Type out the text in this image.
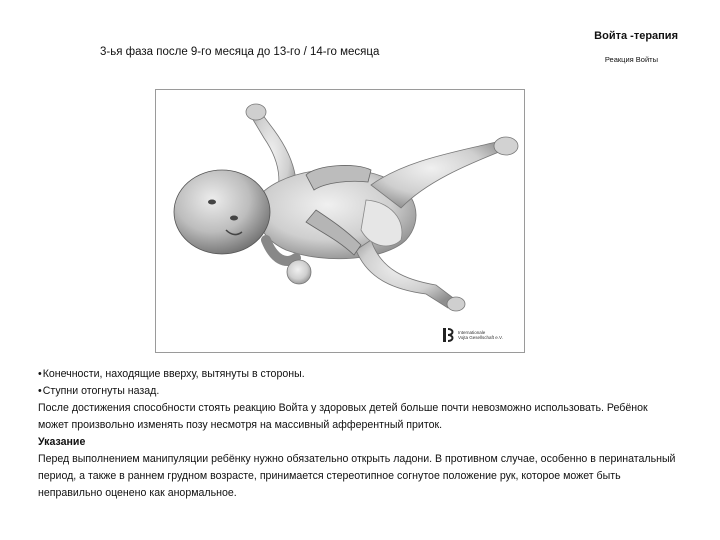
Войта -терапия
Реакция Войты
3-ья фаза после 9-го месяца до 13-го / 14-го месяца
Internationale
Vojta Gesellschaft e.V.

•Конечности, находящие вверху, вытянуты в стороны.

•Ступни отогнуты назад.

После достижения способности стоять реакцию Войта у здоровых детей больше почти невозможно использовать. Ребёнок может произвольно изменять позу несмотря на массивный афферентный приток.

Указание

Перед выполнением манипуляции ребёнку нужно обязательно открыть ладони. В противном случае, особенно в перинатальный период, а также в раннем грудном возрасте, принимается стереотипное согнутое положение рук, которое может быть неправильно оценено как анормальное.
